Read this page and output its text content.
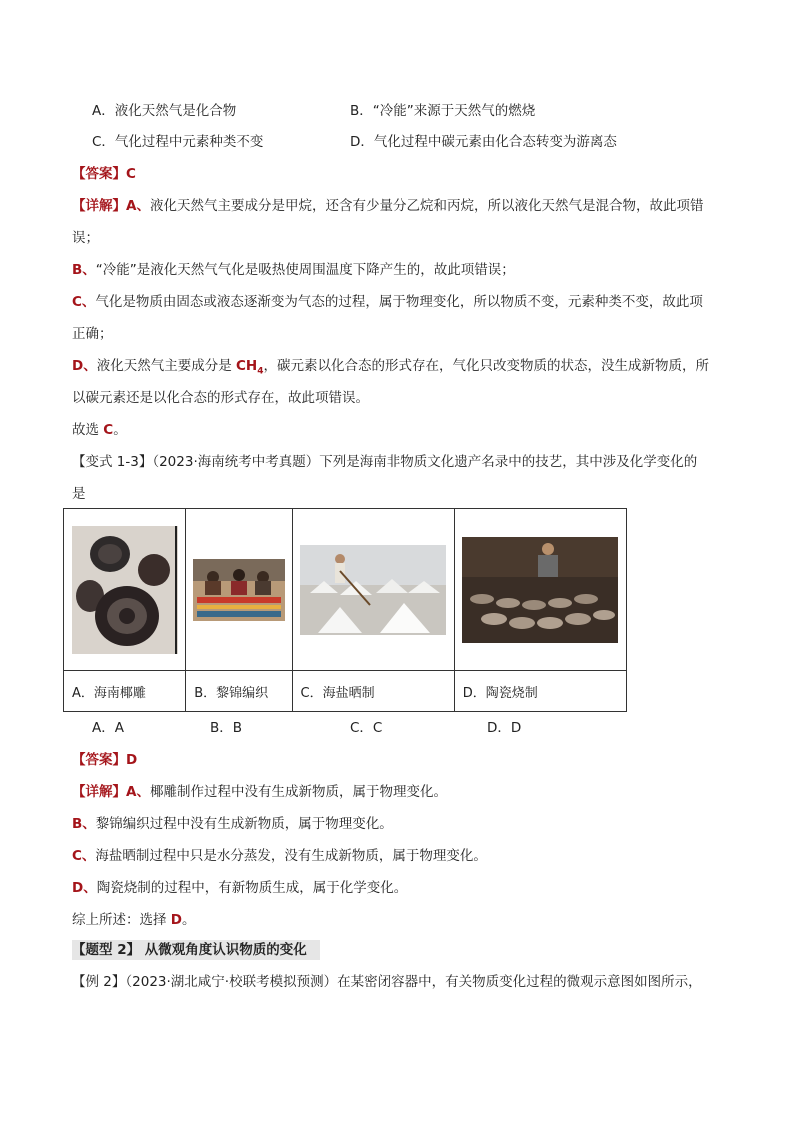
A．液化天然气是化合物	B．“冷能”来源于天然气的燃烧
C．气化过程中元素种类不变	D．气化过程中碳元素由化合态转变为游离态
【答案】C
【详解】A、液化天然气主要成分是甲烷，还含有少量分乙烷和丙烷，所以液化天然气是混合物，故此项错
误；
B、“冷能”是液化天然气气化是吸热使周围温度下降产生的，故此项错误；
C、气化是物质由固态或液态逐渐变为气态的过程，属于物理变化，所以物质不变，元素种类不变，故此项
正确；
D、液化天然气主要成分是 $CH_4$，碳元素以化合态的形式存在，气化只改变物质的状态，没生成新物质，所
以碳元素还是以化合态的形式存在，故此项错误。
故选 C。
【变式 1-3】（2023·海南统考中考真题）下列是海南非物质文化遗产名录中的技艺，其中涉及化学变化的
是

A．海南椰雕	B．黎锦编织	C．海盐晒制	D．陶瓷烧制
A．A	B．B	C．C	D．D
【答案】D
【详解】A、椰雕制作过程中没有生成新物质，属于物理变化。
B、黎锦编织过程中没有生成新物质，属于物理变化。
C、海盐晒制过程中只是水分蒸发，没有生成新物质，属于物理变化。
D、陶瓷烧制的过程中，有新物质生成，属于化学变化。
综上所述：选择 D。
【题型 2】 从微观角度认识物质的变化
【例 2】（2023·湖北咸宁·校联考模拟预测）在某密闭容器中，有关物质变化过程的微观示意图如图所示，
